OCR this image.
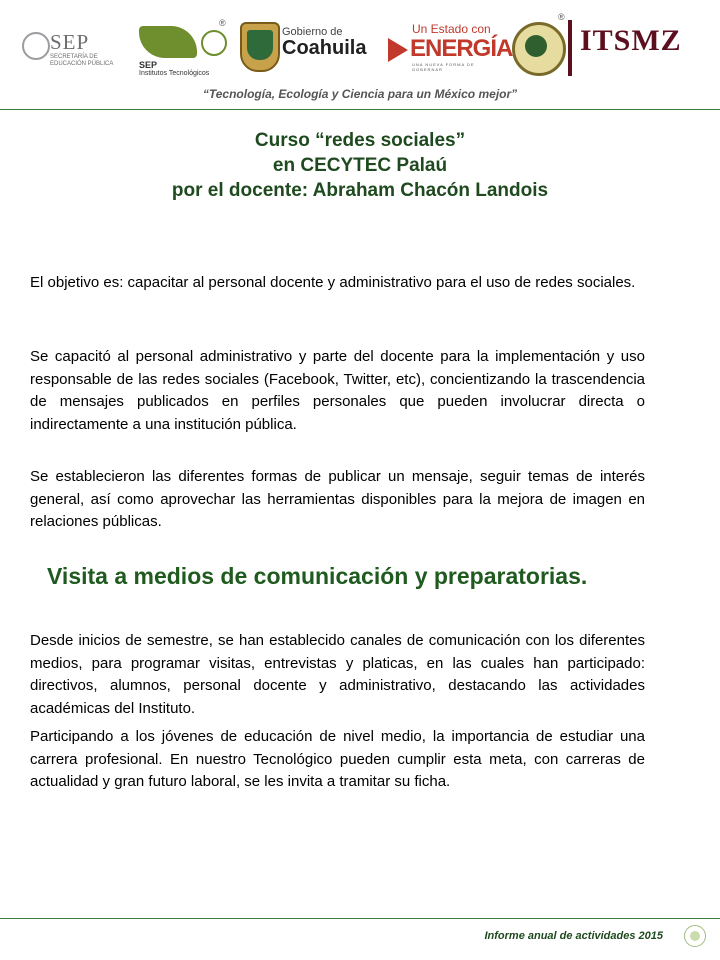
SEP
SECRETARÍA DE EDUCACIÓN PÚBLICA	SEP
Institutos Tecnológicos
®
Gobierno de
Coahuila
Un Estado con
ENERGÍA
UNA NUEVA FORMA DE GOBERNAR
®
ITSMZ
“Tecnología, Ecología y Ciencia para un México mejor”
Curso “redes sociales”
en CECYTEC Palaú
por el docente: Abraham Chacón Landois

El objetivo es: capacitar al personal docente y administrativo para el uso de redes sociales.

Se capacitó al personal administrativo y parte del docente para la implementación y uso responsable de las redes sociales (Facebook, Twitter, etc), concientizando la trascendencia de mensajes publicados en perfiles personales que pueden involucrar directa o indirectamente a una institución pública.

Se establecieron las diferentes formas de publicar un mensaje, seguir temas de interés general, así como aprovechar las herramientas disponibles para la mejora de imagen en relaciones públicas.

Visita a medios de comunicación y preparatorias.

Desde inicios de semestre, se han establecido canales de comunicación con los diferentes medios, para programar visitas, entrevistas y platicas, en las cuales han participado: directivos, alumnos, personal docente y administrativo, destacando las actividades académicas del Instituto.

Participando a los jóvenes de educación de nivel medio, la importancia de estudiar una carrera profesional. En nuestro Tecnológico pueden cumplir esta meta, con carreras de actualidad y gran futuro laboral, se les invita a tramitar su ficha.

Informe anual de actividades 2015
